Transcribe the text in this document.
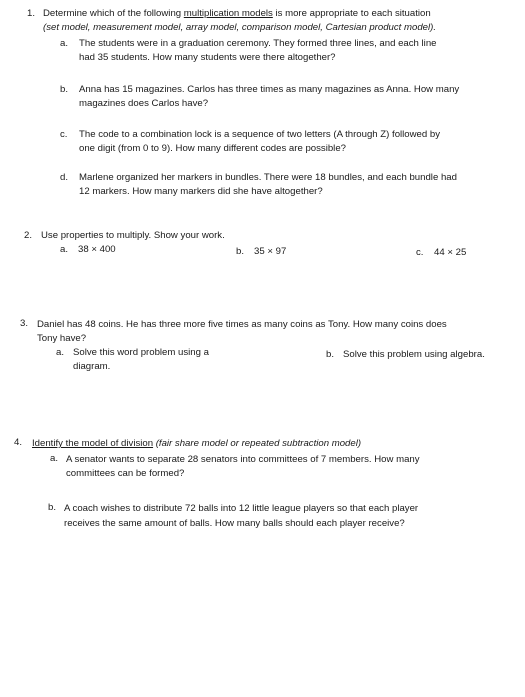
1. Determine which of the following multiplication models is more appropriate to each situation
(set model, measurement model, array model, comparison model, Cartesian product model).
a. The students were in a graduation ceremony. They formed three lines, and each line
had 35 students. How many students were there altogether?
b. Anna has 15 magazines. Carlos has three times as many magazines as Anna. How many
magazines does Carlos have?
c. The code to a combination lock is a sequence of two letters (A through Z) followed by
one digit (from 0 to 9). How many different codes are possible?
d. Marlene organized her markers in bundles. There were 18 bundles, and each bundle had
12 markers. How many markers did she have altogether?
2. Use properties to multiply. Show your work.
a. 38 × 400	b. 35 × 97	c. 44 × 25
3. Daniel has 48 coins. He has three more five times as many coins as Tony. How many coins does
Tony have?
a. Solve this word problem using a
diagram.
b. Solve this problem using algebra.
4. Identify the model of division (fair share model or repeated subtraction model)
a. A senator wants to separate 28 senators into committees of 7 members. How many
committees can be formed?
b. A coach wishes to distribute 72 balls into 12 little league players so that each player
receives the same amount of balls. How many balls should each player receive?
